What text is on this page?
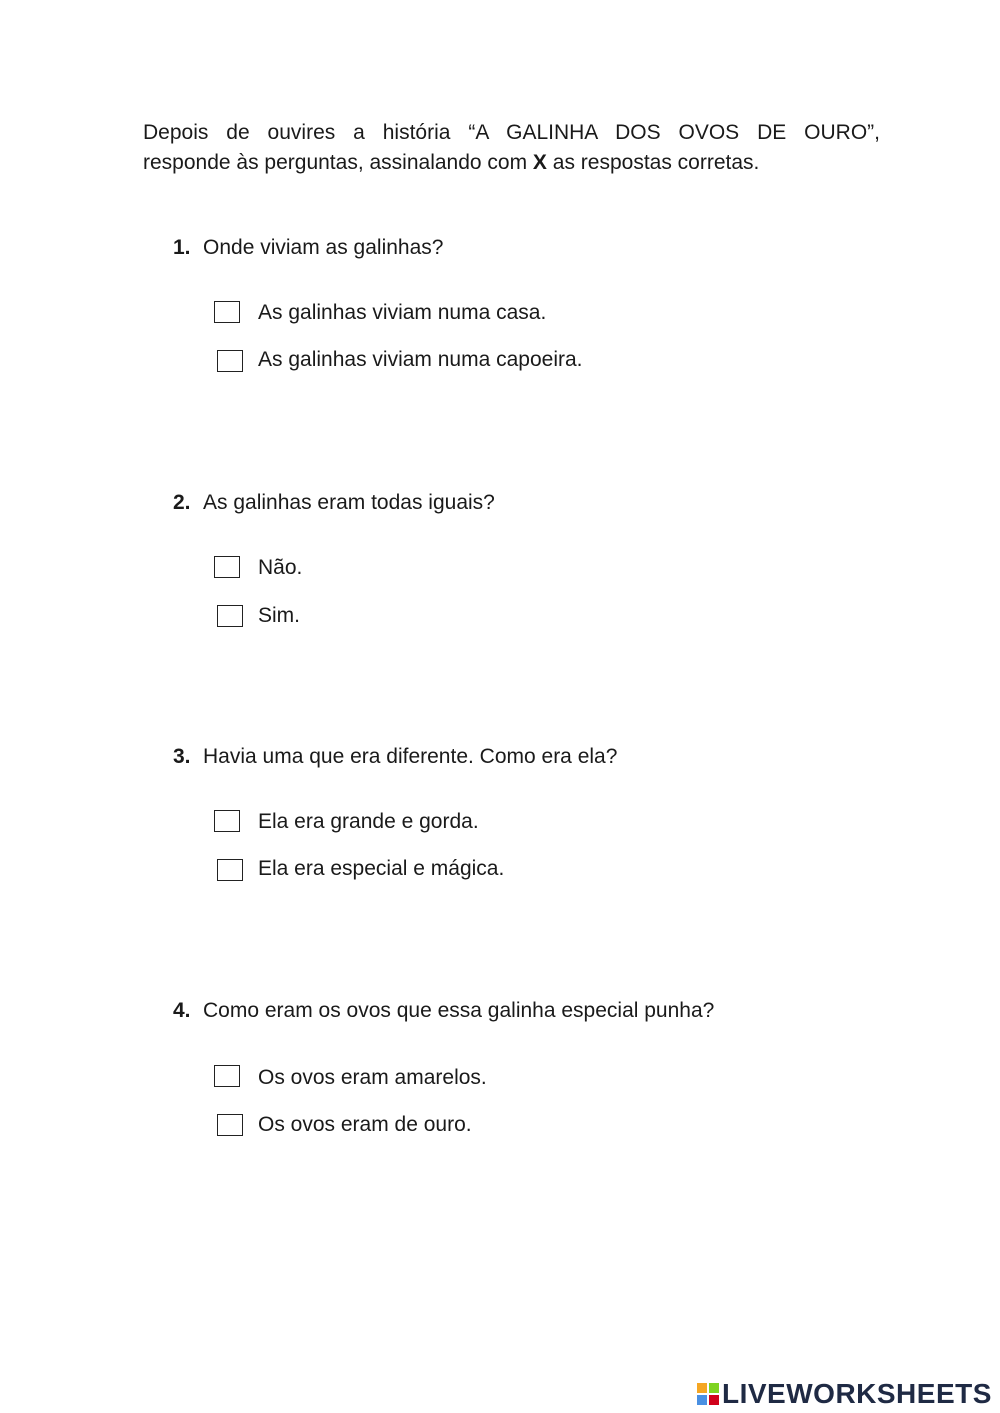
Depois de ouvires a história “A GALINHA DOS OVOS DE OURO”,
responde às perguntas, assinalando com X as respostas corretas.
1. Onde viviam as galinhas?
As galinhas viviam numa casa.
As galinhas viviam numa capoeira.
2. As galinhas eram todas iguais?
Não.
Sim.
3. Havia uma que era diferente. Como era ela?
Ela era grande e gorda.
Ela era especial e mágica.
4. Como eram os ovos que essa galinha especial punha?
Os ovos eram amarelos.
Os ovos eram de ouro.
LIVEWORKSHEETS
